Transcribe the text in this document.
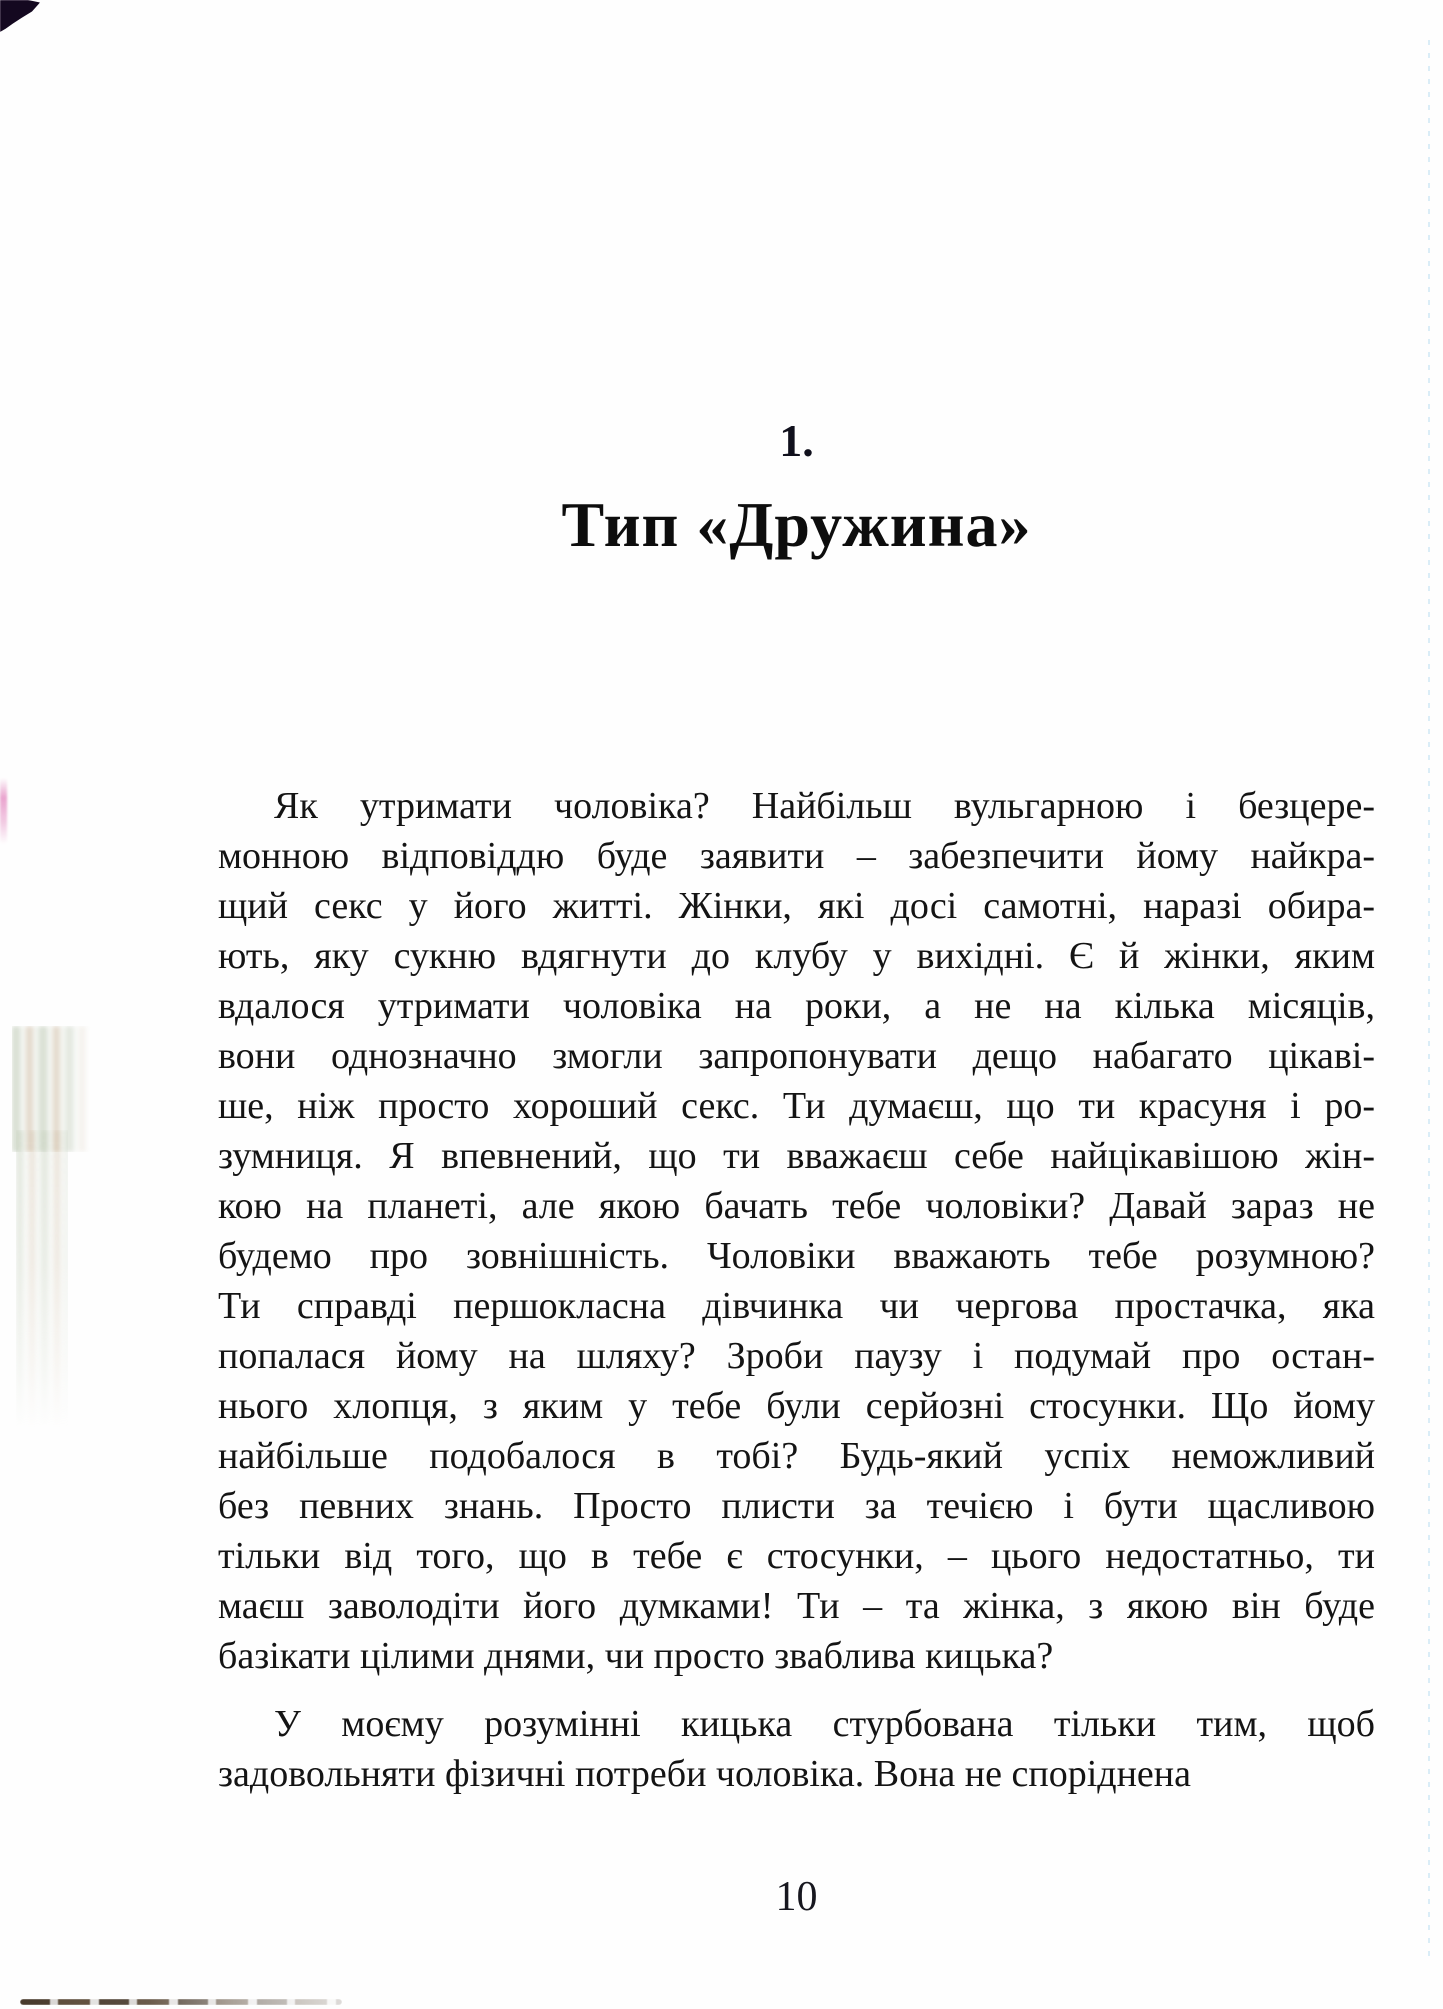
1.
Тип «Дружина»
Як утримати чоловіка? Найбільш вульгарною і безцере-
монною відповіддю буде заявити – забезпечити йому найкра-
щий секс у його житті. Жінки, які досі самотні, наразі обира-
ють, яку сукню вдягнути до клубу у вихідні. Є й жінки, яким
вдалося утримати чоловіка на роки, а не на кілька місяців,
вони однозначно змогли запропонувати дещо набагато цікаві-
ше, ніж просто хороший секс. Ти думаєш, що ти красуня і ро-
зумниця. Я впевнений, що ти вважаєш себе найцікавішою жін-
кою на планеті, але якою бачать тебе чоловіки? Давай зараз не
будемо про зовнішність. Чоловіки вважають тебе розумною?
Ти справді першокласна дівчинка чи чергова простачка, яка
попалася йому на шляху? Зроби паузу і подумай про остан-
нього хлопця, з яким у тебе були серйозні стосунки. Що йому
найбільше подобалося в тобі? Будь-який успіх неможливий
без певних знань. Просто плисти за течією і бути щасливою
тільки від того, що в тебе є стосунки, – цього недостатньо, ти
маєш заволодіти його думками! Ти – та жінка, з якою він буде
базікати цілими днями, чи просто зваблива кицька?
У моєму розумінні кицька стурбована тільки тим, щоб
задовольняти фізичні потреби чоловіка. Вона не споріднена
10
